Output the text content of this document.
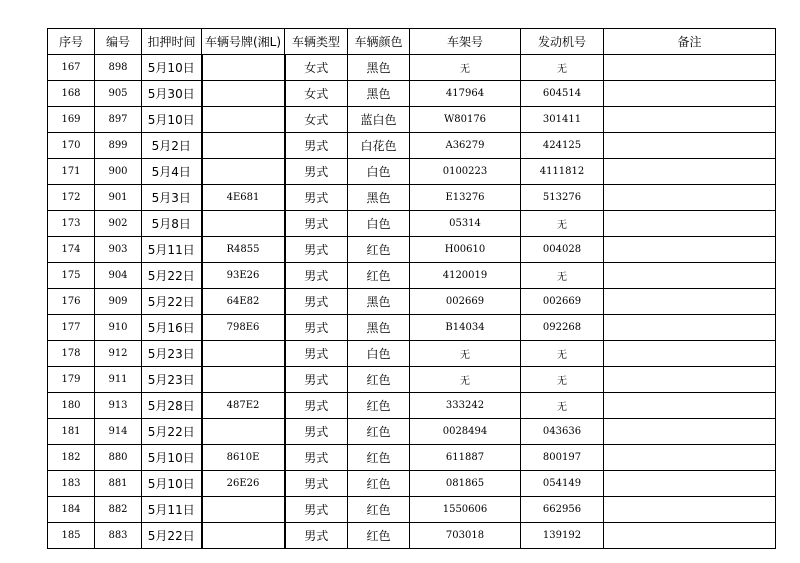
序号	编号	扣押时间	车辆号牌(湘L)	车辆类型	车辆颜色	车架号	发动机号	备注
167	898	5月10日		女式	黑色	无	无	
168	905	5月30日		女式	黑色	417964	604514	
169	897	5月10日		女式	蓝白色	W80176	301411	
170	899	5月2日		男式	白花色	A36279	424125	
171	900	5月4日		男式	白色	0100223	4111812	
172	901	5月3日	4E681	男式	黑色	E13276	513276	
173	902	5月8日		男式	白色	05314	无	
174	903	5月11日	R4855	男式	红色	H00610	004028	
175	904	5月22日	93E26	男式	红色	4120019	无	
176	909	5月22日	64E82	男式	黑色	002669	002669	
177	910	5月16日	798E6	男式	黑色	B14034	092268	
178	912	5月23日		男式	白色	无	无	
179	911	5月23日		男式	红色	无	无	
180	913	5月28日	487E2	男式	红色	333242	无	
181	914	5月22日		男式	红色	0028494	043636	
182	880	5月10日	8610E	男式	红色	611887	800197	
183	881	5月10日	26E26	男式	红色	081865	054149	
184	882	5月11日		男式	红色	1550606	662956	
185	883	5月22日		男式	红色	703018	139192	
